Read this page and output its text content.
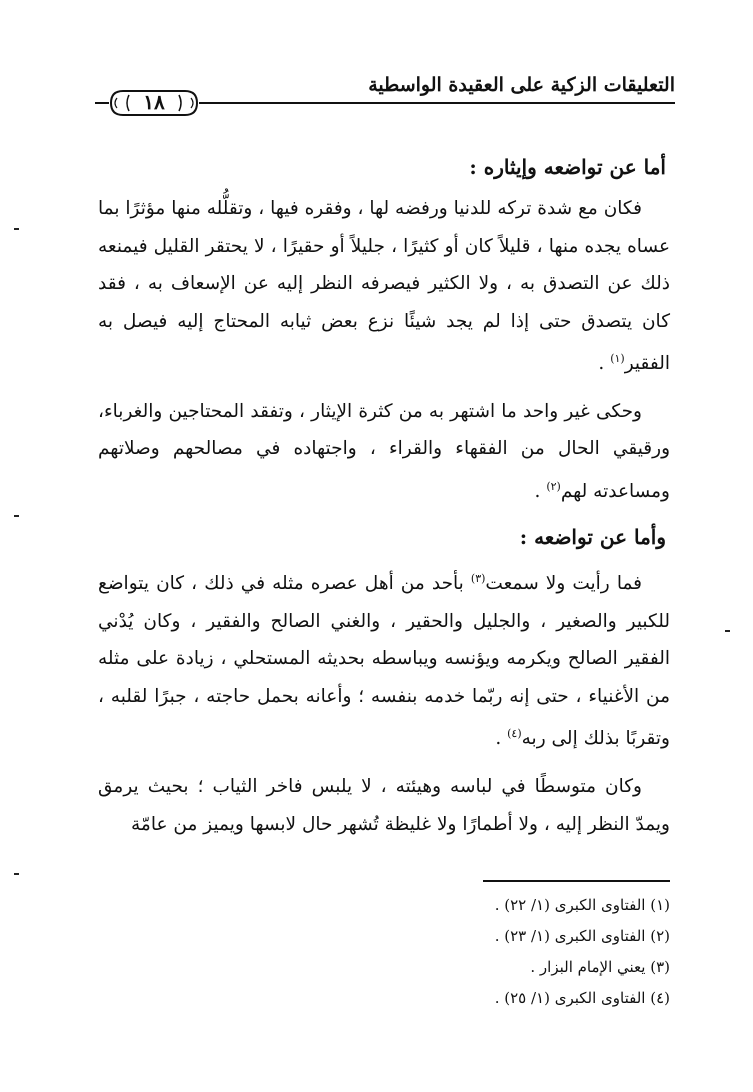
التعليقات الزكية على العقيدة الواسطية
١٨
أما عن تواضعه وإيثاره :

فكان مع شدة تركه للدنيا ورفضه لها ، وفقره فيها ، وتقلُّله منها مؤثرًا بما عساه يجده منها ، قليلاً كان أو كثيرًا ، جليلاً أو حقيرًا ، لا يحتقر القليل فيمنعه ذلك عن التصدق به ، ولا الكثير فيصرفه النظر إليه عن الإسعاف به ، فقد كان يتصدق حتى إذا لم يجد شيئًا نزع بعض ثيابه المحتاج إليه فيصل به الفقير$^{(١)}$ .

وحكى غير واحد ما اشتهر به من كثرة الإيثار ، وتفقد المحتاجين والغرباء، ورقيقي الحال من الفقهاء والقراء ، واجتهاده في مصالحهم وصلاتهم ومساعدته لهم$^{(٢)}$ .

وأما عن تواضعه :

فما رأيت ولا سمعت$^{(٣)}$ بأحد من أهل عصره مثله في ذلك ، كان يتواضع للكبير والصغير ، والجليل والحقير ، والغني الصالح والفقير ، وكان يُدْني الفقير الصالح ويكرمه ويؤنسه ويباسطه بحديثه المستحلي ، زيادة على مثله من الأغنياء ، حتى إنه ربّما خدمه بنفسه ؛ وأعانه بحمل حاجته ، جبرًا لقلبه ، وتقربًا بذلك إلى ربه$^{(٤)}$ .

وكان متوسطًا في لباسه وهيئته ، لا يلبس فاخر الثياب ؛ بحيث يرمق ويمدّ النظر إليه ، ولا أطمارًا ولا غليظة تُشهر حال لابسها ويميز من عامّة

(١) الفتاوى الكبرى (١/ ٢٢) .
(٢) الفتاوى الكبرى (١/ ٢٣) .
(٣) يعني الإمام البزار .
(٤) الفتاوى الكبرى (١/ ٢٥) .
